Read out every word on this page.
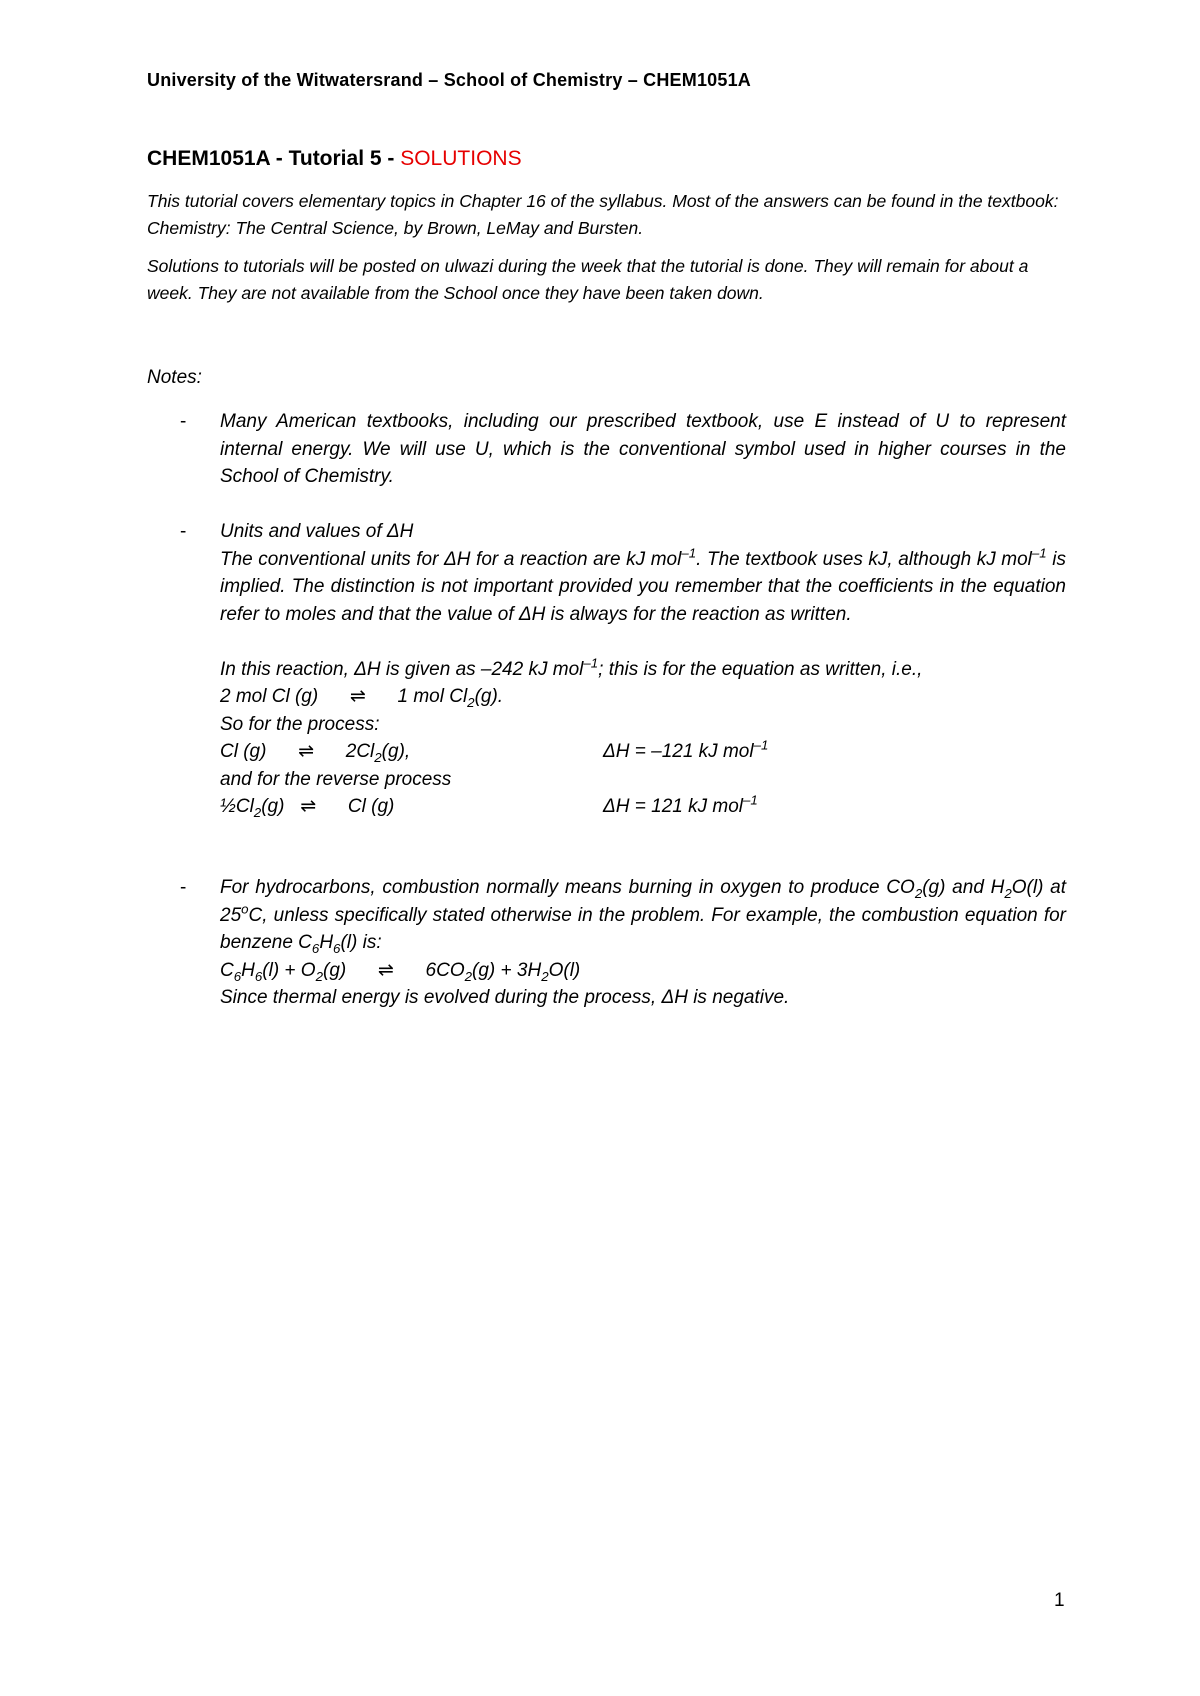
University of the Witwatersrand – School of Chemistry – CHEM1051A
CHEM1051A - Tutorial 5 - SOLUTIONS

This tutorial covers elementary topics in Chapter 16 of the syllabus. Most of the answers can be found in the textbook: Chemistry: The Central Science, by Brown, LeMay and Bursten.

Solutions to tutorials will be posted on ulwazi during the week that the tutorial is done. They will remain for about a week. They are not available from the School once they have been taken down.

Notes:
- Many American textbooks, including our prescribed textbook, use E instead of U to represent internal energy. We will use U, which is the conventional symbol used in higher courses in the School of Chemistry.
- Units and values of ΔH
The conventional units for ΔH for a reaction are kJ mol$^{-1}$. The textbook uses kJ, although kJ mol$^{-1}$ is implied. The distinction is not important provided you remember that the coefficients in the equation refer to moles and that the value of ΔH is always for the reaction as written.
In this reaction, ΔH is given as –242 kJ mol$^{-1}$; this is for the equation as written, i.e.,
2 mol Cl (g) ⇌ 1 mol $Cl_2(g)$.
So for the process:
Cl (g) ⇌ $2Cl_2(g)$,	ΔH = –121 kJ mol$^{-1}$
and for the reverse process
$\frac{1}{2}Cl_2(g)$ ⇌ Cl (g)	ΔH = 121 kJ mol$^{-1}$
- For hydrocarbons, combustion normally means burning in oxygen to produce $CO_2(g)$ and $H_2O(l)$ at 25$^o$C, unless specifically stated otherwise in the problem. For example, the combustion equation for benzene $C_6H_6(l)$ is:
$C_6H_6(l) + O_2(g)$ ⇌ $6CO_2(g) + 3H_2O(l)$
Since thermal energy is evolved during the process, ΔH is negative.
1
